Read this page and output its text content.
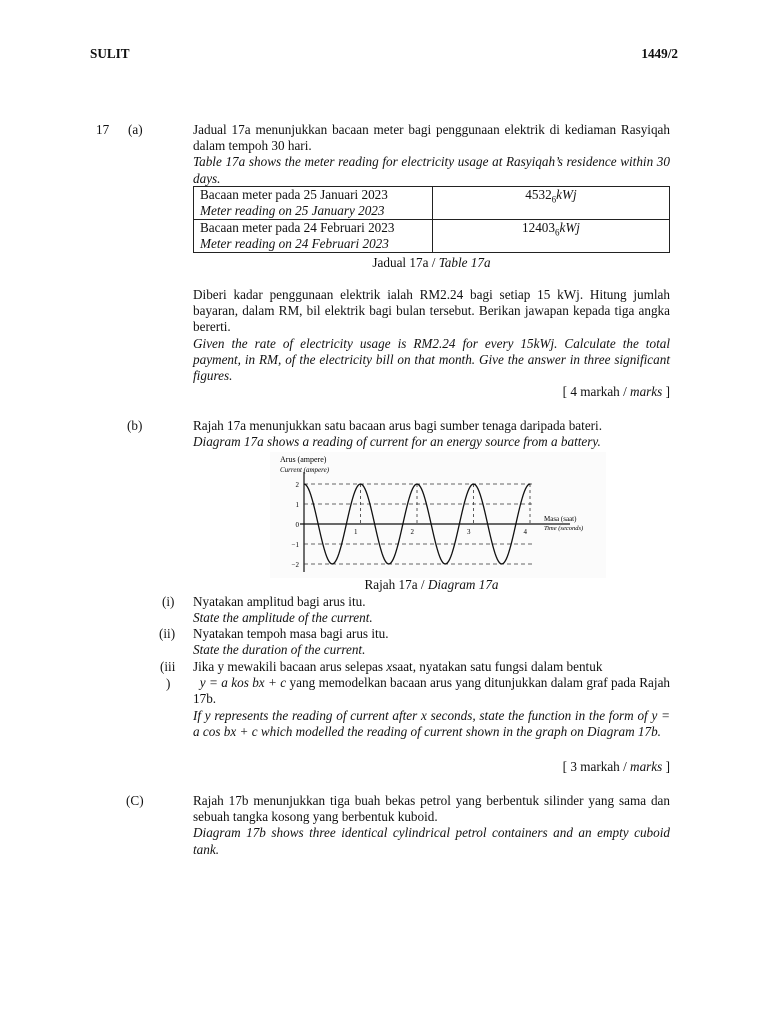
SULIT	1449/2
17 (a)	Jadual 17a menunjukkan bacaan meter bagi penggunaan elektrik di kediaman Rasyiqah dalam tempoh 30 hari.
Table 17a shows the meter reading for electricity usage at Rasyiqah’s residence within 30 days.
Bacaan meter pada 25 Januari 2023
Meter reading on 25 January 2023	$4532_6kWj$

Bacaan meter pada 24 Februari 2023
Meter reading on 24 Februari 2023	$12403_6kWj$
Jadual 17a / Table 17a
Diberi kadar penggunaan elektrik ialah RM2.24 bagi setiap 15 kWj. Hitung jumlah bayaran, dalam RM, bil elektrik bagi bulan tersebut. Berikan jawapan kepada tiga angka bererti.
Given the rate of electricity usage is RM2.24 for every 15kWj. Calculate the total payment, in RM, of the electricity bill on that month. Give the answer in three significant figures.
[ 4 markah / marks ]
(b)	Rajah 17a menunjukkan satu bacaan arus bagi sumber tenaga daripada bateri.
Diagram 17a shows a reading of current for an energy source from a battery.
Arus (ampere)
Current (ampere)
Masa (saat)
Time (seconds)
2
1
0
−1
−2
1	2	3	4
Rajah 17a / Diagram 17a
(i) Nyatakan amplitud bagi arus itu.
State the amplitude of the current.
(ii) Nyatakan tempoh masa bagi arus itu.
State the duration of the current.
(iii
)
Jika y mewakili bacaan arus selepas xsaat, nyatakan satu fungsi dalam bentuk
y = a kos bx + c yang memodelkan bacaan arus yang ditunjukkan dalam graf pada Rajah 17b.
If y represents the reading of current after x seconds, state the function in the form of y = a cos bx + c which modelled the reading of current shown in the graph on Diagram 17b.
[ 3 markah / marks ]
(C)	Rajah 17b menunjukkan tiga buah bekas petrol yang berbentuk silinder yang sama dan sebuah tangka kosong yang berbentuk kuboid.
Diagram 17b shows three identical cylindrical petrol containers and an empty cuboid tank.
